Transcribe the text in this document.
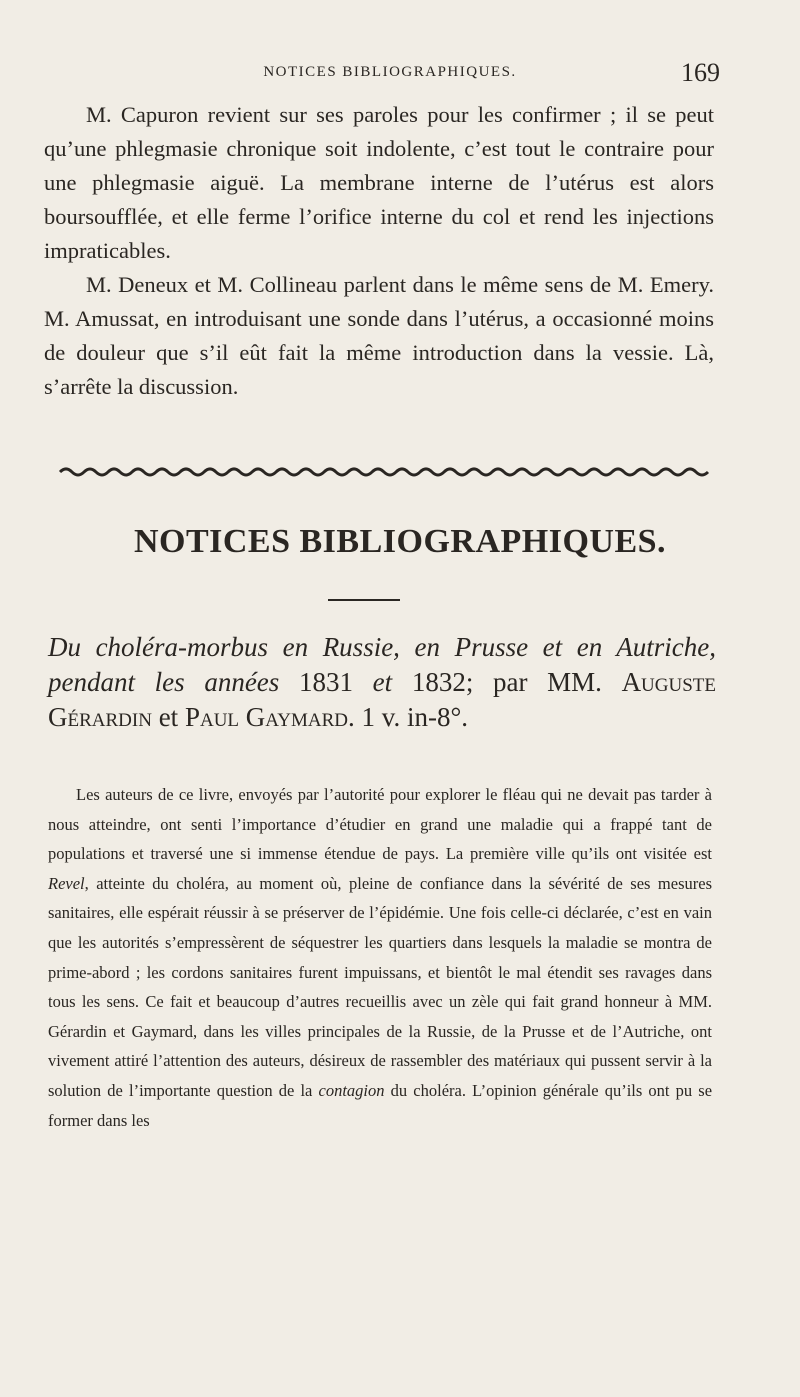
NOTICES BIBLIOGRAPHIQUES.	169

M. Capuron revient sur ses paroles pour les confirmer ; il se peut qu’une phlegmasie chronique soit indolente, c’est tout le contraire pour une phlegmasie aiguë. La membrane interne de l’utérus est alors boursoufflée, et elle ferme l’orifice interne du col et rend les injections impraticables.

M. Deneux et M. Collineau parlent dans le même sens de M. Emery. M. Amussat, en introduisant une sonde dans l’utérus, a occasionné moins de douleur que s’il eût fait la même introduction dans la vessie. Là, s’arrête la discussion.

NOTICES BIBLIOGRAPHIQUES.
Du choléra-morbus en Russie, en Prusse et en Autriche, pendant les années 1831 et 1832; par MM. Auguste Gérardin et Paul Gaymard. 1 v. in-8°.

Les auteurs de ce livre, envoyés par l’autorité pour explorer le fléau qui ne devait pas tarder à nous atteindre, ont senti l’importance d’étudier en grand une maladie qui a frappé tant de populations et traversé une si immense étendue de pays. La première ville qu’ils ont visitée est Revel, atteinte du choléra, au moment où, pleine de confiance dans la sévérité de ses mesures sanitaires, elle espérait réussir à se préserver de l’épidémie. Une fois celle-ci déclarée, c’est en vain que les autorités s’empressèrent de séquestrer les quartiers dans lesquels la maladie se montra de prime-abord ; les cordons sanitaires furent impuissans, et bientôt le mal étendit ses ravages dans tous les sens. Ce fait et beaucoup d’autres recueillis avec un zèle qui fait grand honneur à MM. Gérardin et Gaymard, dans les villes principales de la Russie, de la Prusse et de l’Autriche, ont vivement attiré l’attention des auteurs, désireux de rassembler des matériaux qui pussent servir à la solution de l’importante question de la contagion du choléra. L’opinion générale qu’ils ont pu se former dans les
